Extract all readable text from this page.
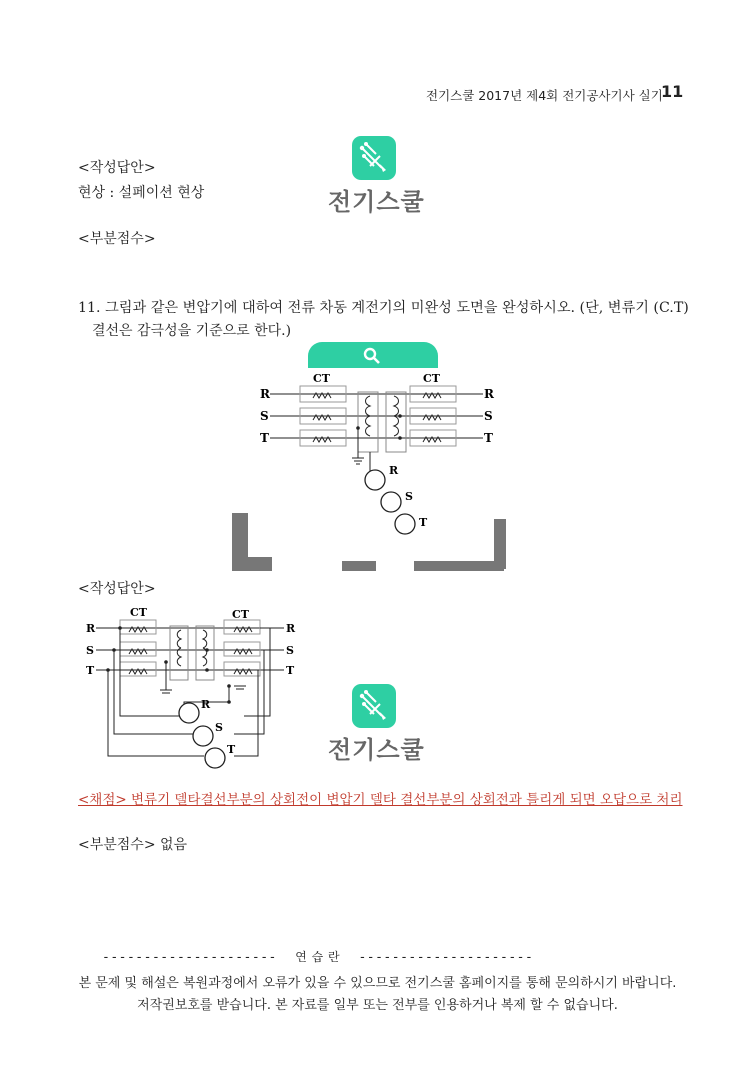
전기스쿨 2017년 제4회 전기공사기사 실기
11
<작성답안>
현상 : 설페이션 현상
<부분점수>
전기스쿨
11. 그림과 같은 변압기에 대하여 전류 차동 계전기의 미완성 도면을 완성하시오. (단, 변류기 (C.T)
결선은 감극성을 기준으로 한다.)
R
S
T
R
S
T
CT	CT
R
S
T
<작성답안>
R
S
T
R
S
T
CT	CT
R
S
T	전기스쿨
<채점> 변류기 델타결선부분의 상회전이 변압기 델타 결선부분의 상회전과 틀리게 되면 오답으로 처리
<부분점수> 없음
--------------------- 연 습 란 ---------------------
본 문제 및 해설은 복원과정에서 오류가 있을 수 있으므로 전기스쿨 홈페이지를 통해 문의하시기 바랍니다.
저작권보호를 받습니다. 본 자료를 일부 또는 전부를 인용하거나 복제 할 수 없습니다.
